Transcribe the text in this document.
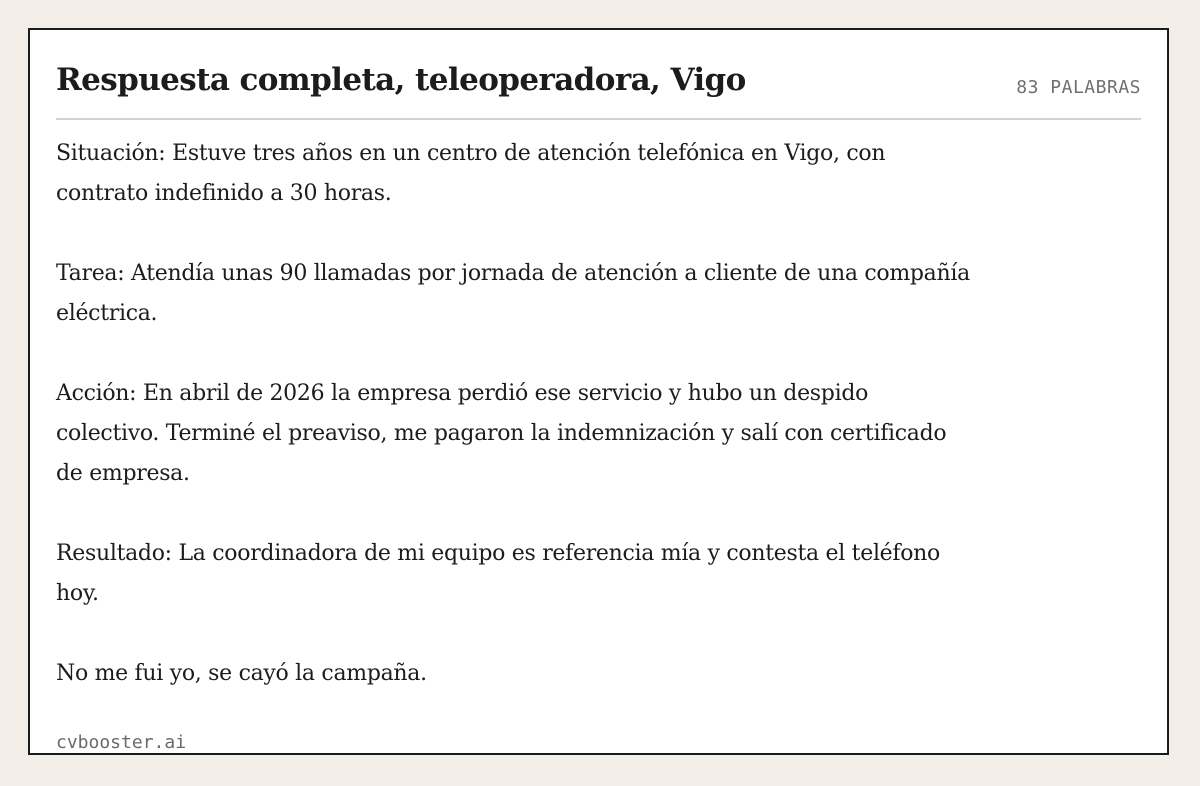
Respuesta completa, teleoperadora, Vigo	83 PALABRAS

Situación: Estuve tres años en un centro de atención telefónica en Vigo, con contrato indefinido a 30 horas.

Tarea: Atendía unas 90 llamadas por jornada de atención a cliente de una compañía eléctrica.

Acción: En abril de 2026 la empresa perdió ese servicio y hubo un despido colectivo. Terminé el preaviso, me pagaron la indemnización y salí con certificado de empresa.

Resultado: La coordinadora de mi equipo es referencia mía y contesta el teléfono hoy.

No me fui yo, se cayó la campaña.

cvbooster.ai
